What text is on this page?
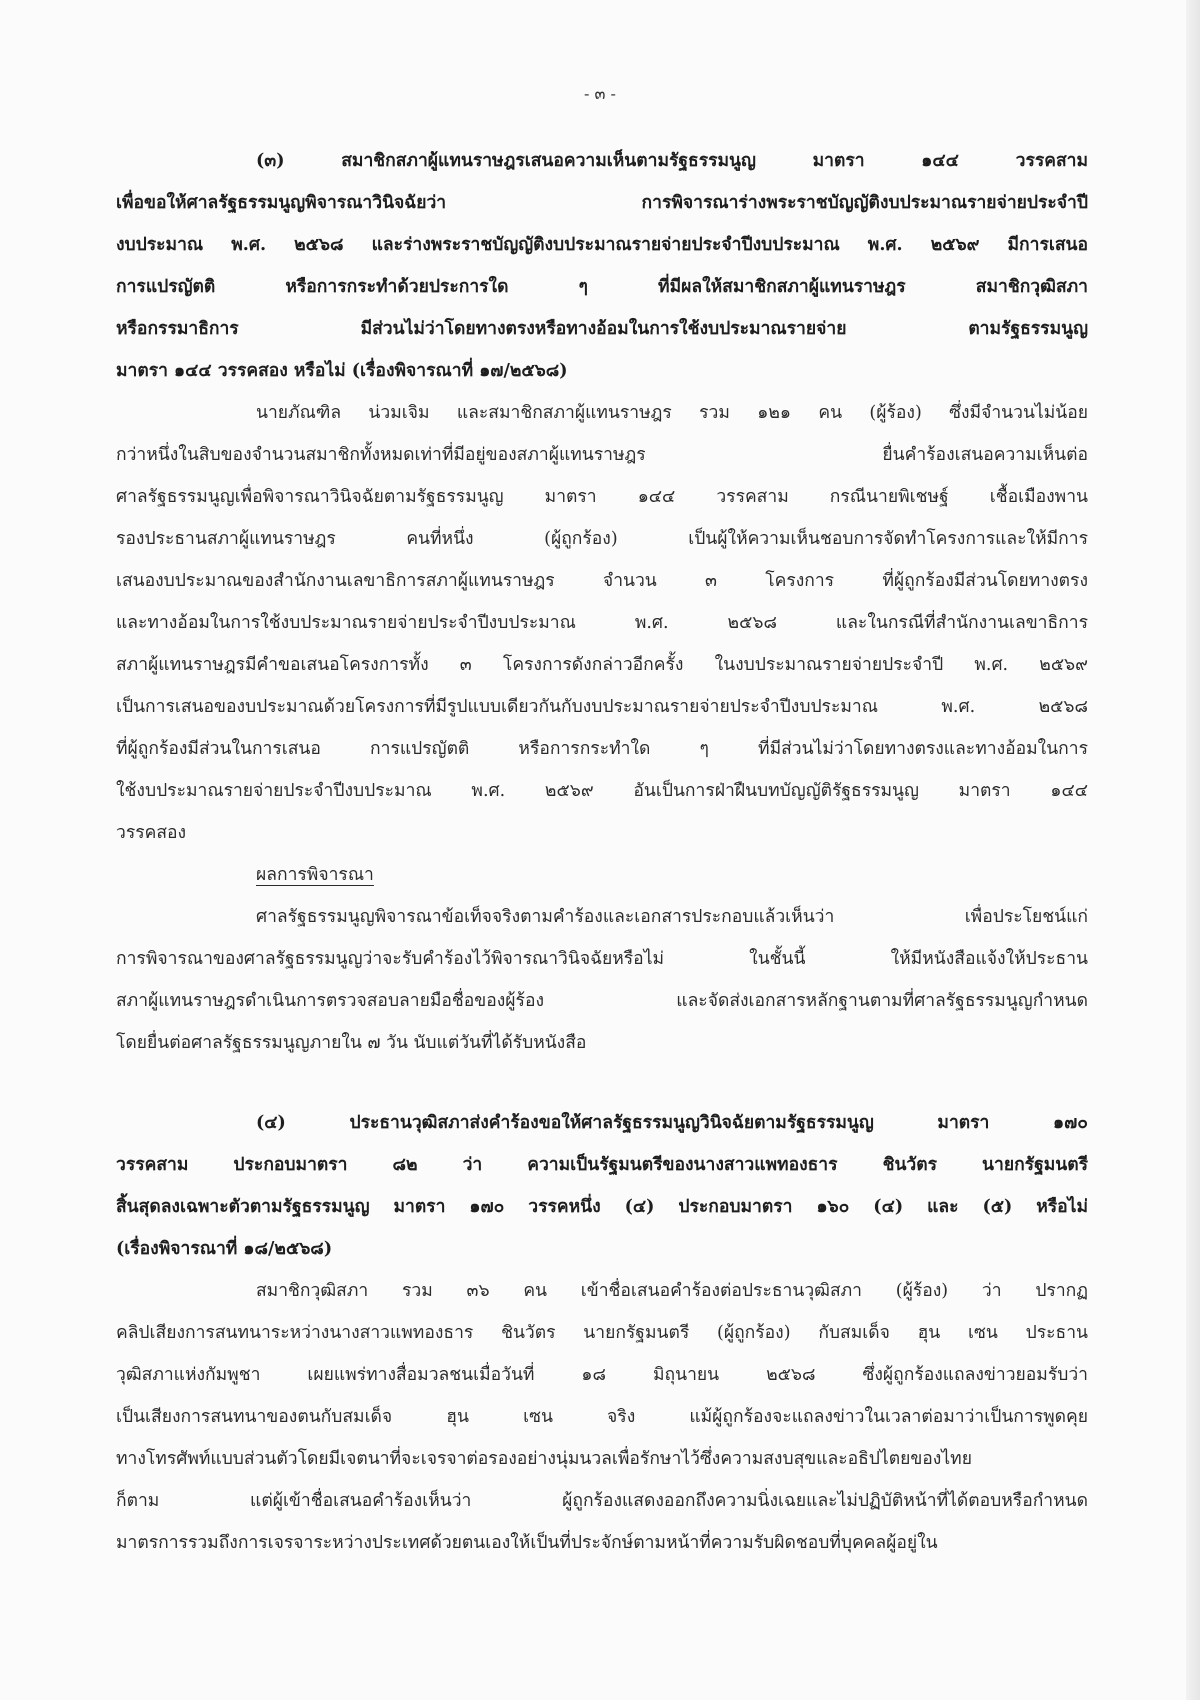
- ๓ -
(๓) สมาชิกสภาผู้แทนราษฎรเสนอความเห็นตามรัฐธรรมนูญ มาตรา ๑๔๔ วรรคสาม
เพื่อขอให้ศาลรัฐธรรมนูญพิจารณาวินิจฉัยว่า การพิจารณาร่างพระราชบัญญัติงบประมาณรายจ่ายประจำปี
งบประมาณ พ.ศ. ๒๕๖๘ และร่างพระราชบัญญัติงบประมาณรายจ่ายประจำปีงบประมาณ พ.ศ. ๒๕๖๙ มีการเสนอ
การแปรญัตติ หรือการกระทำด้วยประการใด ๆ ที่มีผลให้สมาชิกสภาผู้แทนราษฎร สมาชิกวุฒิสภา
หรือกรรมาธิการ มีส่วนไม่ว่าโดยทางตรงหรือทางอ้อมในการใช้งบประมาณรายจ่าย ตามรัฐธรรมนูญ
มาตรา ๑๔๔ วรรคสอง หรือไม่ (เรื่องพิจารณาที่ ๑๗/๒๕๖๘)
นายภัณฑิล น่วมเจิม และสมาชิกสภาผู้แทนราษฎร รวม ๑๒๑ คน (ผู้ร้อง) ซึ่งมีจำนวนไม่น้อย
กว่าหนึ่งในสิบของจำนวนสมาชิกทั้งหมดเท่าที่มีอยู่ของสภาผู้แทนราษฎร ยื่นคำร้องเสนอความเห็นต่อ
ศาลรัฐธรรมนูญเพื่อพิจารณาวินิจฉัยตามรัฐธรรมนูญ มาตรา ๑๔๔ วรรคสาม กรณีนายพิเชษฐ์ เชื้อเมืองพาน
รองประธานสภาผู้แทนราษฎร คนที่หนึ่ง (ผู้ถูกร้อง) เป็นผู้ให้ความเห็นชอบการจัดทำโครงการและให้มีการ
เสนองบประมาณของสำนักงานเลขาธิการสภาผู้แทนราษฎร จำนวน ๓ โครงการ ที่ผู้ถูกร้องมีส่วนโดยทางตรง
และทางอ้อมในการใช้งบประมาณรายจ่ายประจำปีงบประมาณ พ.ศ. ๒๕๖๘ และในกรณีที่สำนักงานเลขาธิการ
สภาผู้แทนราษฎรมีคำขอเสนอโครงการทั้ง ๓ โครงการดังกล่าวอีกครั้ง ในงบประมาณรายจ่ายประจำปี พ.ศ. ๒๕๖๙
เป็นการเสนอของบประมาณด้วยโครงการที่มีรูปแบบเดียวกันกับงบประมาณรายจ่ายประจำปีงบประมาณ พ.ศ. ๒๕๖๘
ที่ผู้ถูกร้องมีส่วนในการเสนอ การแปรญัตติ หรือการกระทำใด ๆ ที่มีส่วนไม่ว่าโดยทางตรงและทางอ้อมในการ
ใช้งบประมาณรายจ่ายประจำปีงบประมาณ พ.ศ. ๒๕๖๙ อันเป็นการฝ่าฝืนบทบัญญัติรัฐธรรมนูญ มาตรา ๑๔๔
วรรคสอง
ผลการพิจารณา
ศาลรัฐธรรมนูญพิจารณาข้อเท็จจริงตามคำร้องและเอกสารประกอบแล้วเห็นว่า เพื่อประโยชน์แก่
การพิจารณาของศาลรัฐธรรมนูญว่าจะรับคำร้องไว้พิจารณาวินิจฉัยหรือไม่ ในชั้นนี้ ให้มีหนังสือแจ้งให้ประธาน
สภาผู้แทนราษฎรดำเนินการตรวจสอบลายมือชื่อของผู้ร้อง และจัดส่งเอกสารหลักฐานตามที่ศาลรัฐธรรมนูญกำหนด
โดยยื่นต่อศาลรัฐธรรมนูญภายใน ๗ วัน นับแต่วันที่ได้รับหนังสือ
(๔) ประธานวุฒิสภาส่งคำร้องขอให้ศาลรัฐธรรมนูญวินิจฉัยตามรัฐธรรมนูญ มาตรา ๑๗๐
วรรคสาม ประกอบมาตรา ๘๒ ว่า ความเป็นรัฐมนตรีของนางสาวแพทองธาร ชินวัตร นายกรัฐมนตรี
สิ้นสุดลงเฉพาะตัวตามรัฐธรรมนูญ มาตรา ๑๗๐ วรรคหนึ่ง (๔) ประกอบมาตรา ๑๖๐ (๔) และ (๕) หรือไม่
(เรื่องพิจารณาที่ ๑๘/๒๕๖๘)
สมาชิกวุฒิสภา รวม ๓๖ คน เข้าชื่อเสนอคำร้องต่อประธานวุฒิสภา (ผู้ร้อง) ว่า ปรากฏ
คลิปเสียงการสนทนาระหว่างนางสาวแพทองธาร ชินวัตร นายกรัฐมนตรี (ผู้ถูกร้อง) กับสมเด็จ ฮุน เซน ประธาน
วุฒิสภาแห่งกัมพูชา เผยแพร่ทางสื่อมวลชนเมื่อวันที่ ๑๘ มิถุนายน ๒๕๖๘ ซึ่งผู้ถูกร้องแถลงข่าวยอมรับว่า
เป็นเสียงการสนทนาของตนกับสมเด็จ ฮุน เซน จริง แม้ผู้ถูกร้องจะแถลงข่าวในเวลาต่อมาว่าเป็นการพูดคุย
ทางโทรศัพท์แบบส่วนตัวโดยมีเจตนาที่จะเจรจาต่อรองอย่างนุ่มนวลเพื่อรักษาไว้ซึ่งความสงบสุขและอธิปไตยของไทย
ก็ตาม แต่ผู้เข้าชื่อเสนอคำร้องเห็นว่า ผู้ถูกร้องแสดงออกถึงความนิ่งเฉยและไม่ปฏิบัติหน้าที่ได้ตอบหรือกำหนด
มาตรการรวมถึงการเจรจาระหว่างประเทศด้วยตนเองให้เป็นที่ประจักษ์ตามหน้าที่ความรับผิดชอบที่บุคคลผู้อยู่ใน
